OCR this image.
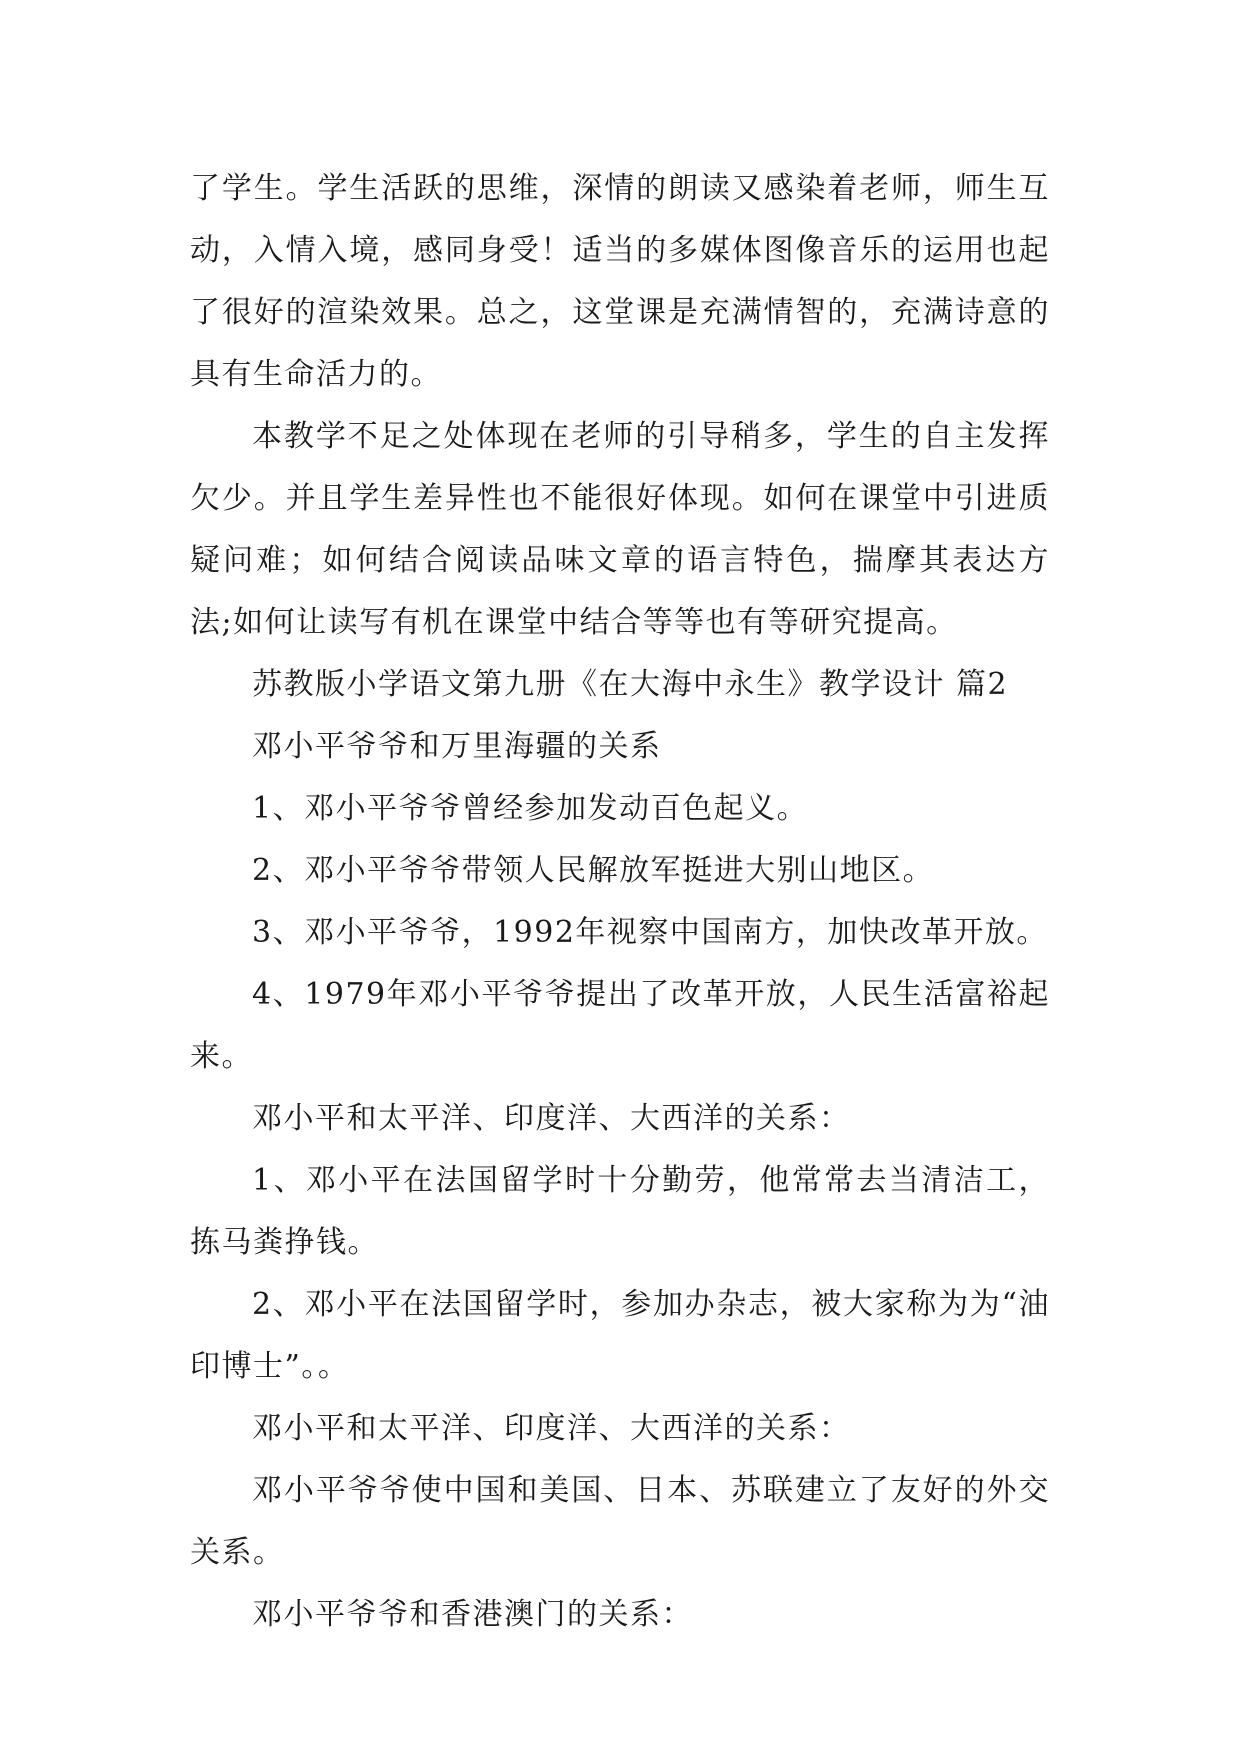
了学生。学生活跃的思维，深情的朗读又感染着老师，师生互动，入情入境，感同身受！适当的多媒体图像音乐的运用也起了很好的渲染效果。总之，这堂课是充满情智的，充满诗意的具有生命活力的。

本教学不足之处体现在老师的引导稍多，学生的自主发挥欠少。并且学生差异性也不能很好体现。如何在课堂中引进质疑问难；如何结合阅读品味文章的语言特色，揣摩其表达方法;如何让读写有机在课堂中结合等等也有等研究提高。

苏教版小学语文第九册《在大海中永生》教学设计 篇2

邓小平爷爷和万里海疆的关系

1、邓小平爷爷曾经参加发动百色起义。

2、邓小平爷爷带领人民解放军挺进大别山地区。

3、邓小平爷爷，1992年视察中国南方，加快改革开放。

4、1979年邓小平爷爷提出了改革开放，人民生活富裕起来。

邓小平和太平洋、印度洋、大西洋的关系：

1、邓小平在法国留学时十分勤劳，他常常去当清洁工，拣马粪挣钱。

2、邓小平在法国留学时，参加办杂志，被大家称为为“油印博士”。。

邓小平和太平洋、印度洋、大西洋的关系：

邓小平爷爷使中国和美国、日本、苏联建立了友好的外交关系。

邓小平爷爷和香港澳门的关系：
